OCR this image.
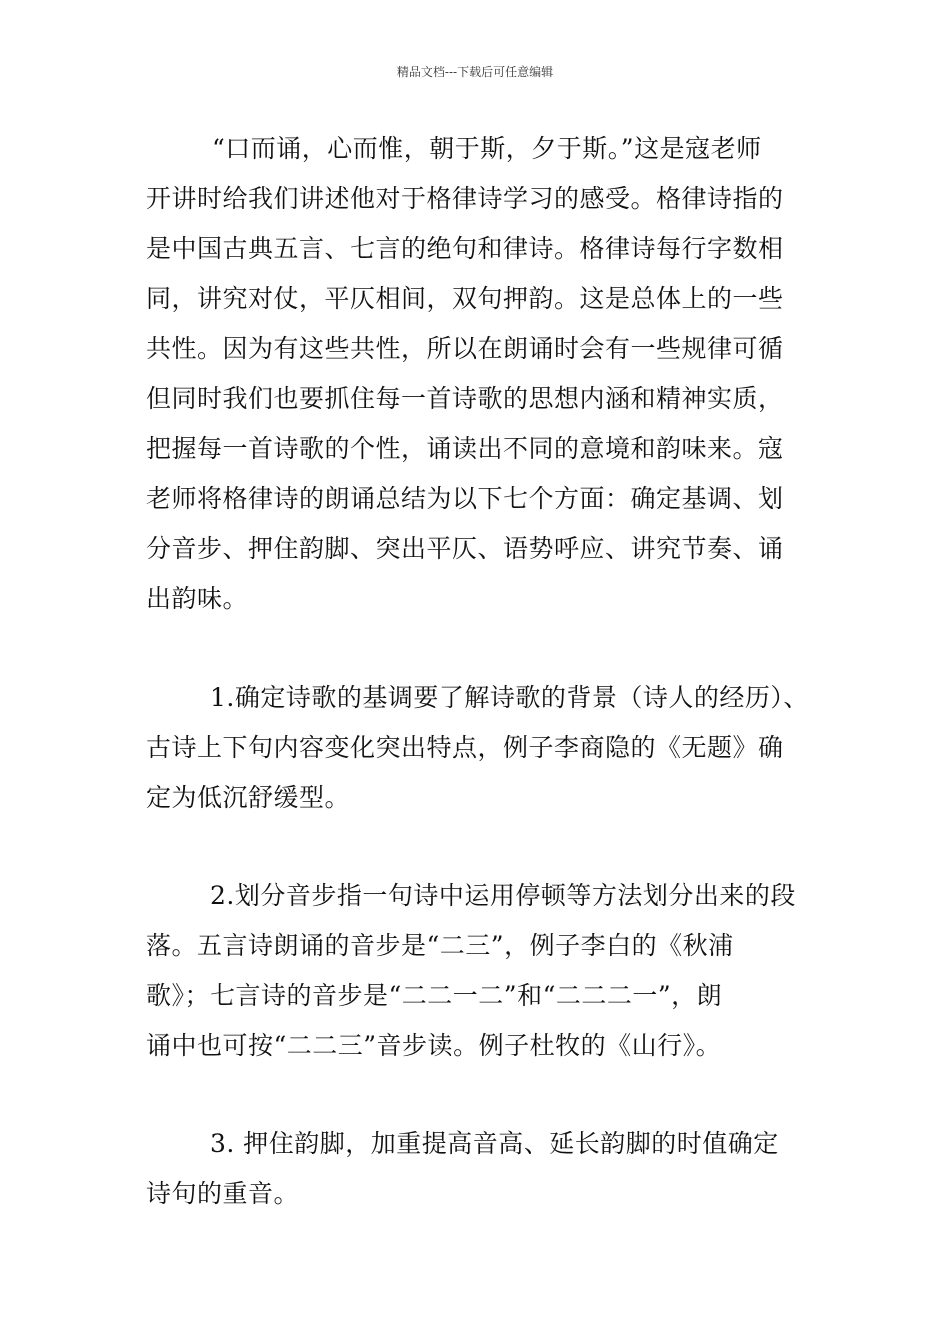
精品文档---下载后可任意编辑
“口而诵，心而惟，朝于斯，夕于斯。”这是寇老师
开讲时给我们讲述他对于格律诗学习的感受。格律诗指的
是中国古典五言、七言的绝句和律诗。格律诗每行字数相
同，讲究对仗，平仄相间，双句押韵。这是总体上的一些
共性。因为有这些共性，所以在朗诵时会有一些规律可循
但同时我们也要抓住每一首诗歌的思想内涵和精神实质，
把握每一首诗歌的个性，诵读出不同的意境和韵味来。寇
老师将格律诗的朗诵总结为以下七个方面：确定基调、划
分音步、押住韵脚、突出平仄、语势呼应、讲究节奏、诵
出韵味。
1.确定诗歌的基调要了解诗歌的背景（诗人的经历）、
古诗上下句内容变化突出特点，例子李商隐的《无题》确
定为低沉舒缓型。
2.划分音步指一句诗中运用停顿等方法划分出来的段
落。五言诗朗诵的音步是“二三”，例子李白的《秋浦
歌》；七言诗的音步是“二二一二”和“二二二一”，朗
诵中也可按“二二三”音步读。例子杜牧的《山行》。
3. 押住韵脚，加重提高音高、延长韵脚的时值确定
诗句的重音。
